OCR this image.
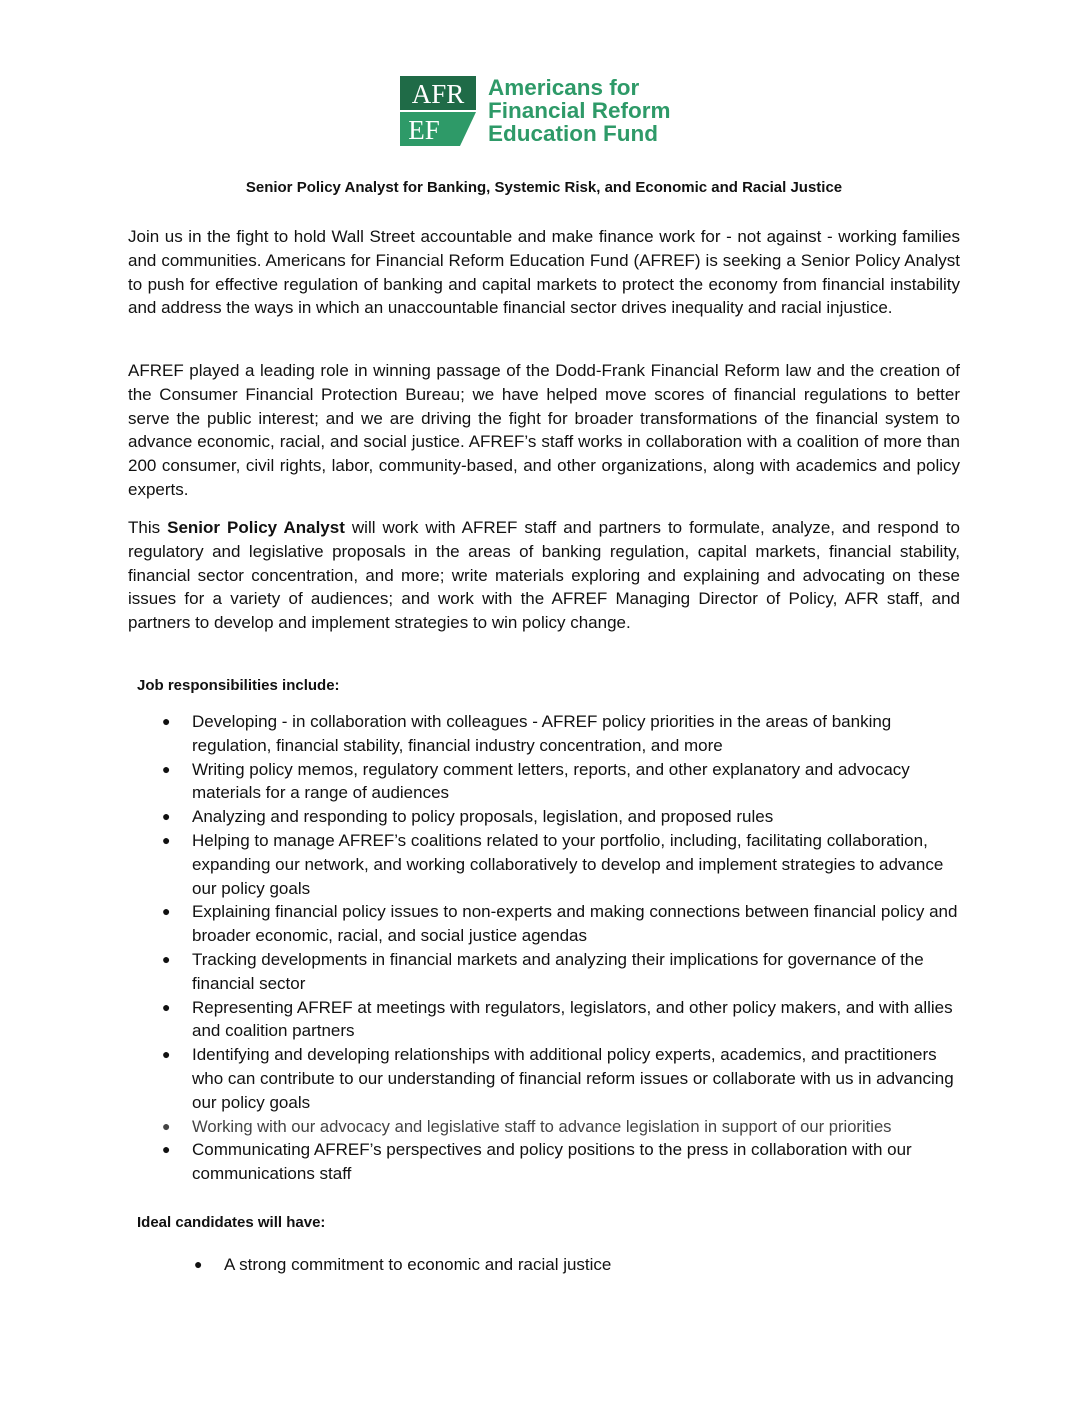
AFR
EF
Americans for
Financial Reform
Education Fund
Senior Policy Analyst for Banking, Systemic Risk, and Economic and Racial Justice
Join us in the fight to hold Wall Street accountable and make finance work for - not against - working families and communities. Americans for Financial Reform Education Fund (AFREF) is seeking a Senior Policy Analyst to push for effective regulation of banking and capital markets to protect the economy from financial instability and address the ways in which an unaccountable financial sector drives inequality and racial injustice.
AFREF played a leading role in winning passage of the Dodd-Frank Financial Reform law and the creation of the Consumer Financial Protection Bureau; we have helped move scores of financial regulations to better serve the public interest; and we are driving the fight for broader transformations of the financial system to advance economic, racial, and social justice. AFREF’s staff works in collaboration with a coalition of more than 200 consumer, civil rights, labor, community-based, and other organizations, along with academics and policy experts.
This Senior Policy Analyst will work with AFREF staff and partners to formulate, analyze, and respond to regulatory and legislative proposals in the areas of banking regulation, capital markets, financial stability, financial sector concentration, and more; write materials exploring and explaining and advocating on these issues for a variety of audiences; and work with the AFREF Managing Director of Policy, AFR staff, and partners to develop and implement strategies to win policy change.
Job responsibilities include:
● Developing - in collaboration with colleagues - AFREF policy priorities in the areas of banking regulation, financial stability, financial industry concentration, and more
● Writing policy memos, regulatory comment letters, reports, and other explanatory and advocacy materials for a range of audiences
● Analyzing and responding to policy proposals, legislation, and proposed rules
● Helping to manage AFREF’s coalitions related to your portfolio, including, facilitating collaboration, expanding our network, and working collaboratively to develop and implement strategies to advance our policy goals
● Explaining financial policy issues to non-experts and making connections between financial policy and broader economic, racial, and social justice agendas
● Tracking developments in financial markets and analyzing their implications for governance of the financial sector
● Representing AFREF at meetings with regulators, legislators, and other policy makers, and with allies and coalition partners
● Identifying and developing relationships with additional policy experts, academics, and practitioners who can contribute to our understanding of financial reform issues or collaborate with us in advancing our policy goals
● Working with our advocacy and legislative staff to advance legislation in support of our priorities
● Communicating AFREF’s perspectives and policy positions to the press in collaboration with our communications staff
Ideal candidates will have:
● A strong commitment to economic and racial justice
